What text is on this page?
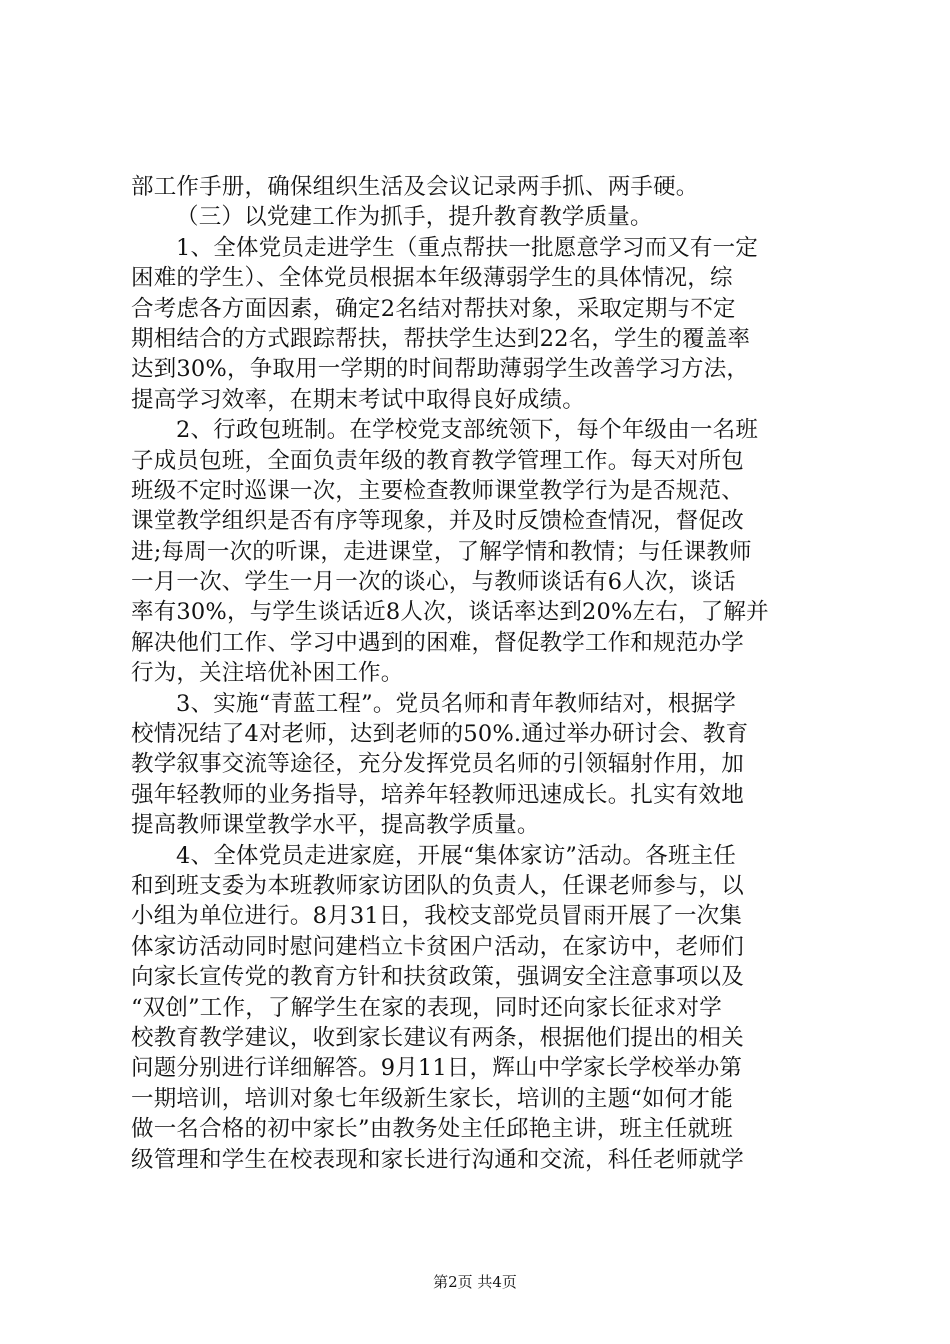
部工作手册，确保组织生活及会议记录两手抓、两手硬。
（三）以党建工作为抓手，提升教育教学质量。
1、全体党员走进学生（重点帮扶一批愿意学习而又有一定
困难的学生）、全体党员根据本年级薄弱学生的具体情况，综
合考虑各方面因素，确定2名结对帮扶对象，采取定期与不定
期相结合的方式跟踪帮扶，帮扶学生达到22名，学生的覆盖率
达到30%，争取用一学期的时间帮助薄弱学生改善学习方法，
提高学习效率，在期末考试中取得良好成绩。
2、行政包班制。在学校党支部统领下，每个年级由一名班
子成员包班，全面负责年级的教育教学管理工作。每天对所包
班级不定时巡课一次，主要检查教师课堂教学行为是否规范、
课堂教学组织是否有序等现象，并及时反馈检查情况，督促改
进;每周一次的听课，走进课堂，了解学情和教情；与任课教师
一月一次、学生一月一次的谈心，与教师谈话有6人次，谈话
率有30%，与学生谈话近8人次，谈话率达到20%左右，了解并
解决他们工作、学习中遇到的困难，督促教学工作和规范办学
行为，关注培优补困工作。
3、实施“青蓝工程”。党员名师和青年教师结对，根据学
校情况结了4对老师，达到老师的50%.通过举办研讨会、教育
教学叙事交流等途径，充分发挥党员名师的引领辐射作用，加
强年轻教师的业务指导，培养年轻教师迅速成长。扎实有效地
提高教师课堂教学水平，提高教学质量。
4、全体党员走进家庭，开展“集体家访”活动。各班主任
和到班支委为本班教师家访团队的负责人，任课老师参与，以
小组为单位进行。8月31日，我校支部党员冒雨开展了一次集
体家访活动同时慰问建档立卡贫困户活动，在家访中，老师们
向家长宣传党的教育方针和扶贫政策，强调安全注意事项以及
“双创”工作，了解学生在家的表现，同时还向家长征求对学
校教育教学建议，收到家长建议有两条，根据他们提出的相关
问题分别进行详细解答。9月11日，辉山中学家长学校举办第
一期培训，培训对象七年级新生家长，培训的主题“如何才能
做一名合格的初中家长”由教务处主任邱艳主讲，班主任就班
级管理和学生在校表现和家长进行沟通和交流，科任老师就学
第2页 共4页
